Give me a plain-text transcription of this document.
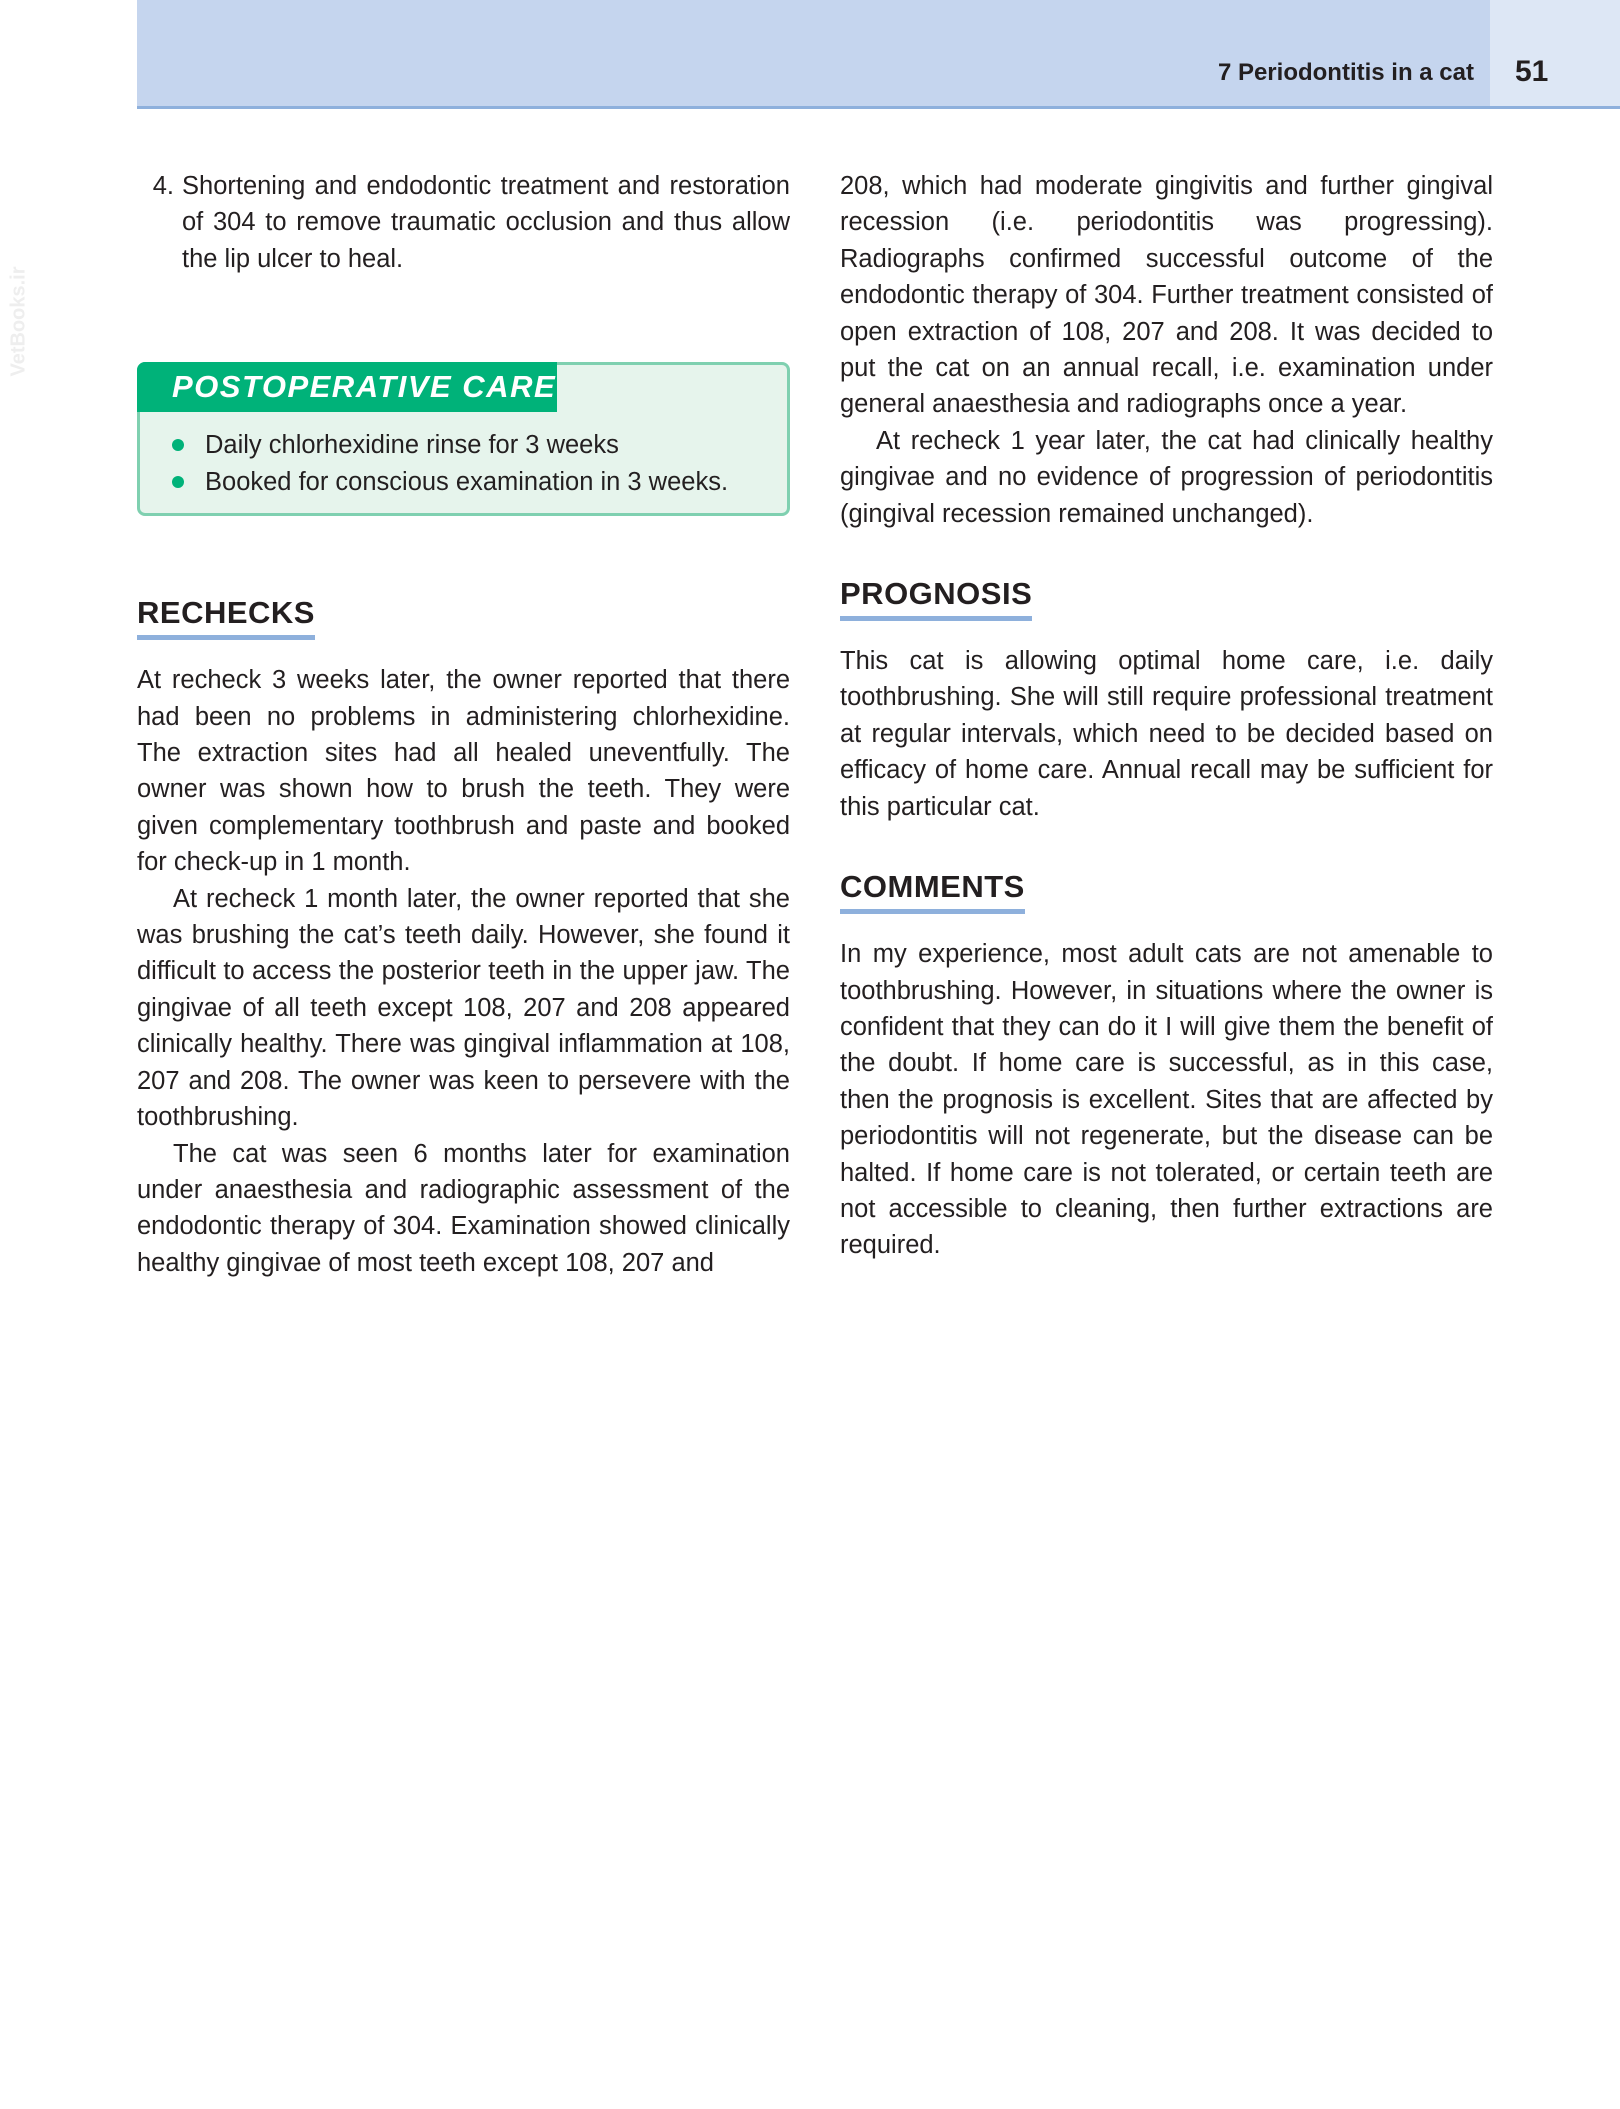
7 Periodontitis in a cat 51
VetBooks.ir
4. Shortening and endodontic treatment and restoration of 304 to remove traumatic occlusion and thus allow the lip ulcer to heal.
POSTOPERATIVE CARE
Daily chlorhexidine rinse for 3 weeks
Booked for conscious examination in 3 weeks.
RECHECKS

At recheck 3 weeks later, the owner reported that there had been no problems in administering chlorhexidine. The extraction sites had all healed uneventfully. The owner was shown how to brush the teeth. They were given complementary toothbrush and paste and booked for check-up in 1 month.

At recheck 1 month later, the owner reported that she was brushing the cat’s teeth daily. However, she found it difficult to access the posterior teeth in the upper jaw. The gingivae of all teeth except 108, 207 and 208 appeared clinically healthy. There was gingival inflammation at 108, 207 and 208. The owner was keen to persevere with the toothbrushing.

The cat was seen 6 months later for examination under anaesthesia and radiographic assessment of the endodontic therapy of 304. Examination showed clinically healthy gingivae of most teeth except 108, 207 and

208, which had moderate gingivitis and further gingival recession (i.e. periodontitis was progressing). Radiographs confirmed successful outcome of the endodontic therapy of 304. Further treatment consisted of open extraction of 108, 207 and 208. It was decided to put the cat on an annual recall, i.e. examination under general anaesthesia and radiographs once a year.

At recheck 1 year later, the cat had clinically healthy gingivae and no evidence of progression of periodontitis (gingival recession remained unchanged).

PROGNOSIS

This cat is allowing optimal home care, i.e. daily toothbrushing. She will still require professional treatment at regular intervals, which need to be decided based on efficacy of home care. Annual recall may be sufficient for this particular cat.

COMMENTS

In my experience, most adult cats are not amenable to toothbrushing. However, in situations where the owner is confident that they can do it I will give them the benefit of the doubt. If home care is successful, as in this case, then the prognosis is excellent. Sites that are affected by periodontitis will not regenerate, but the disease can be halted. If home care is not tolerated, or certain teeth are not accessible to cleaning, then further extractions are required.
